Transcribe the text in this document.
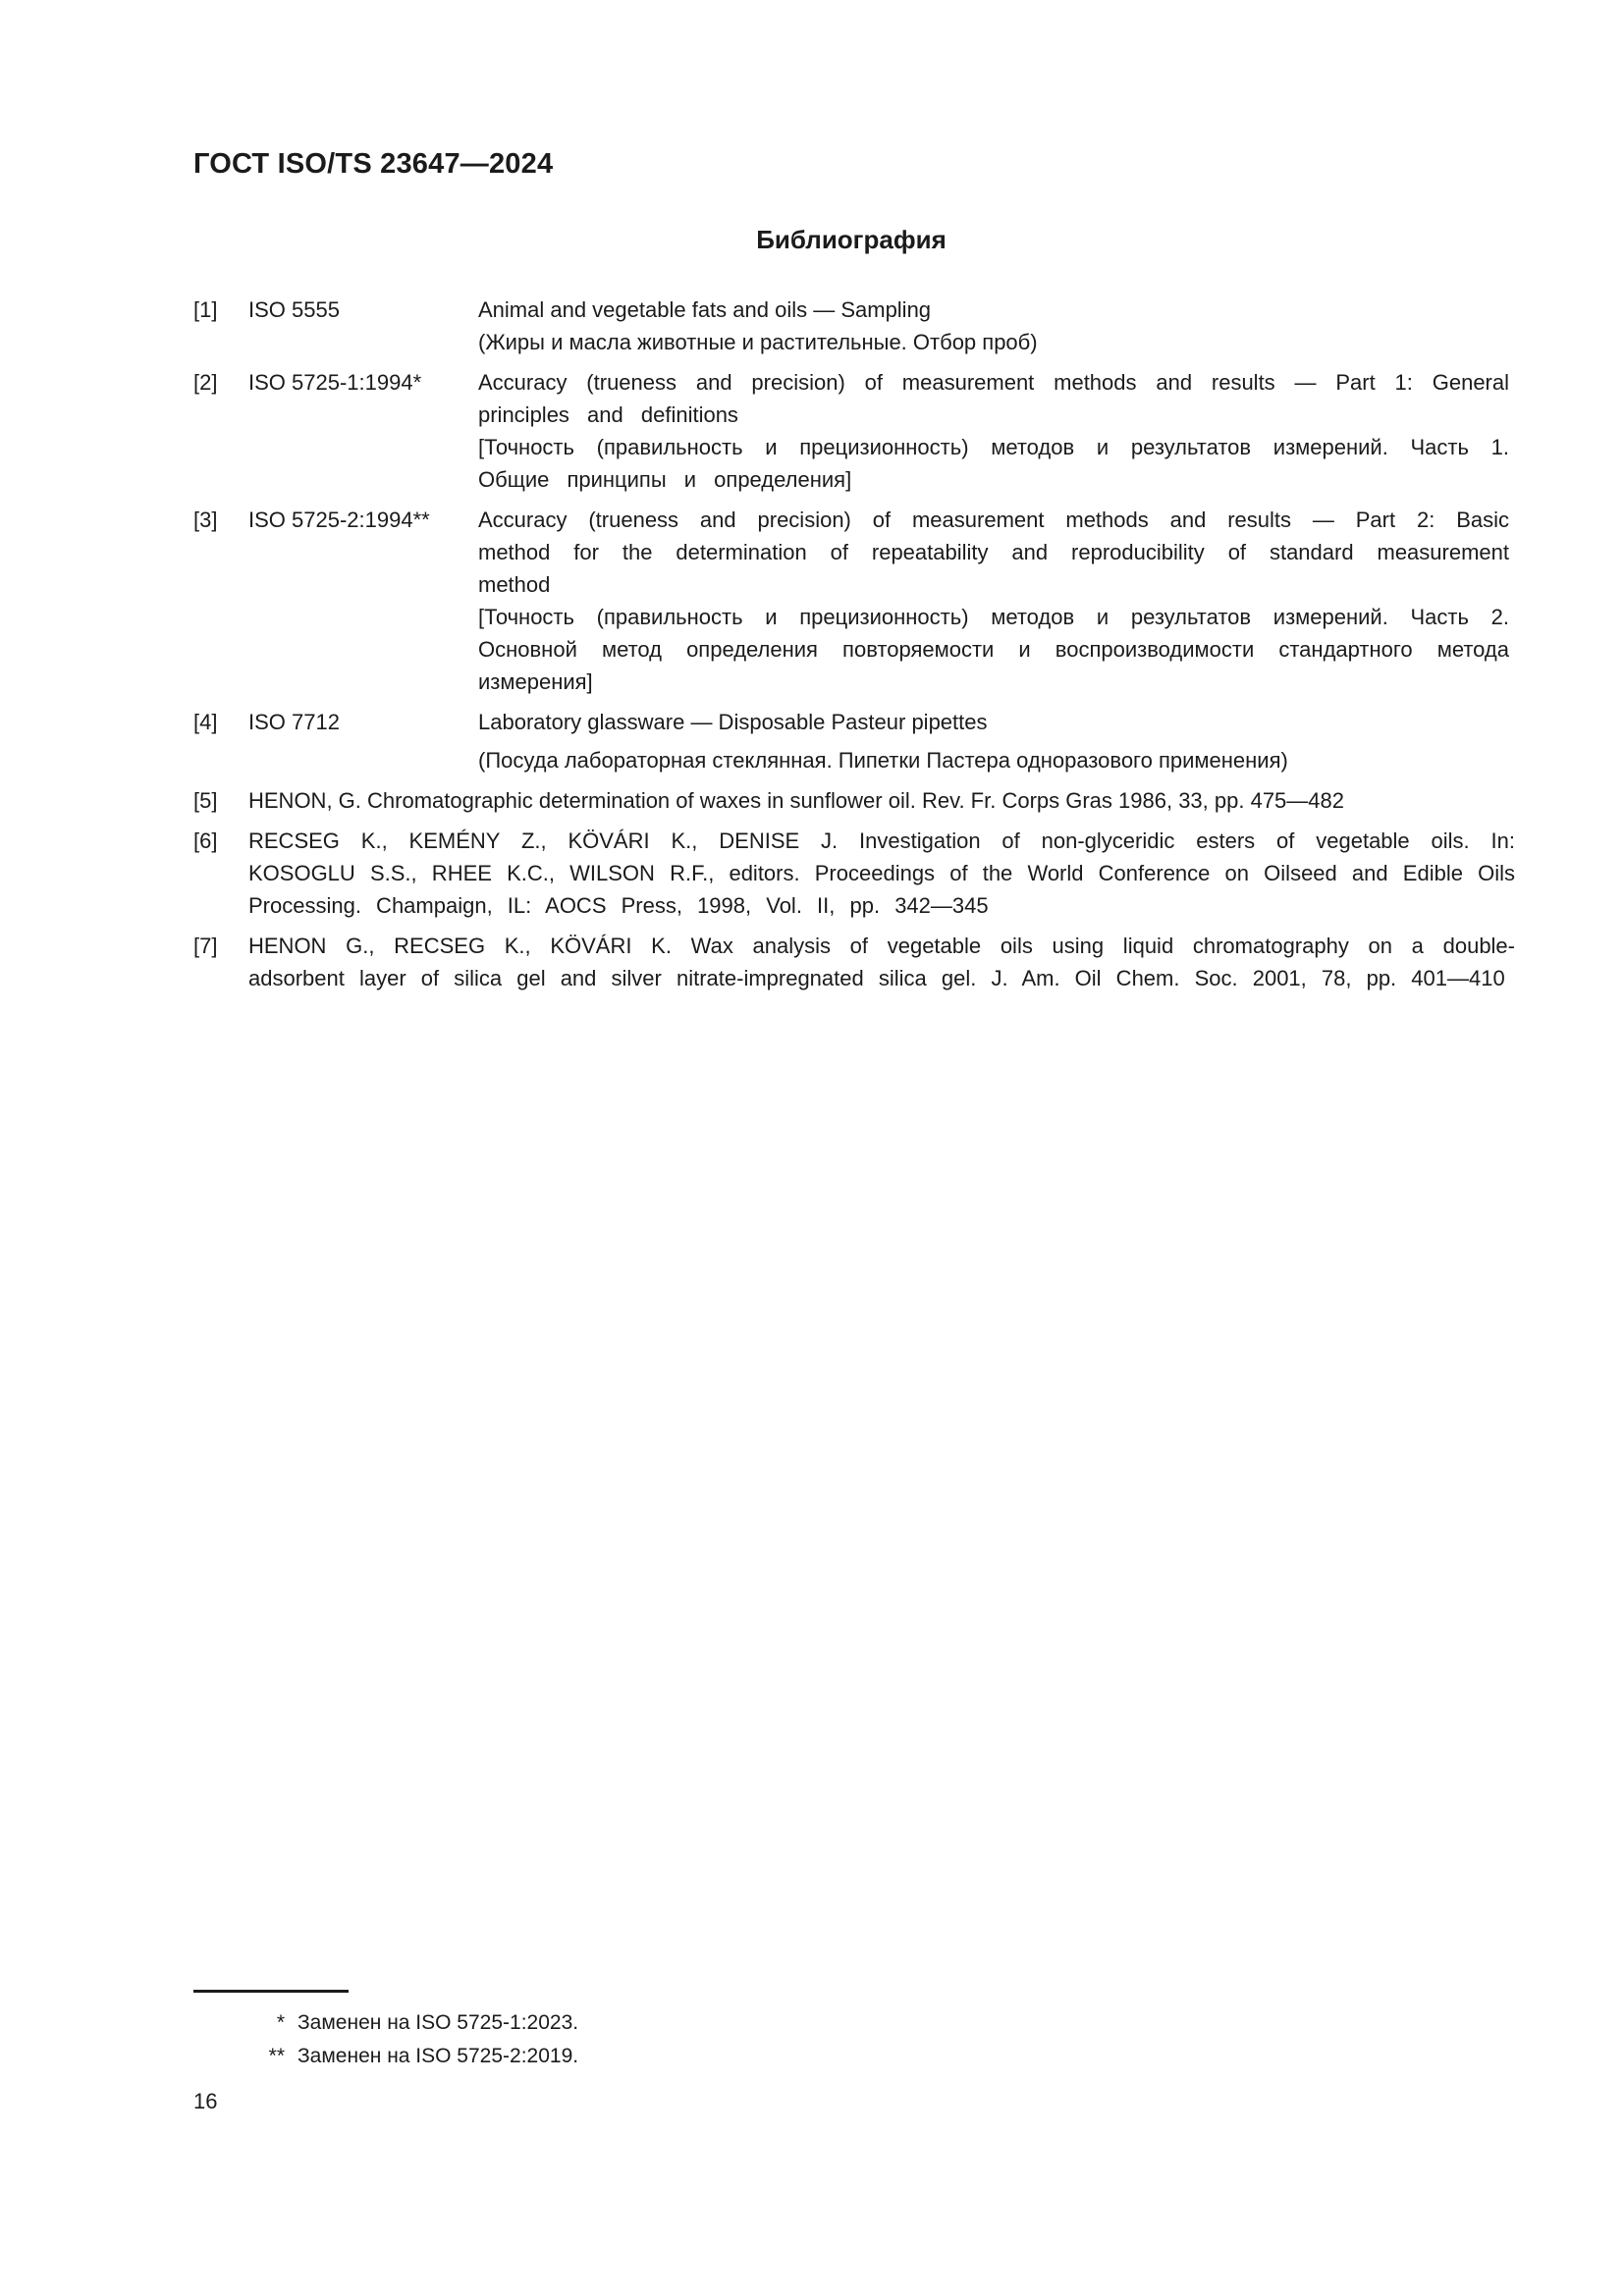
ГОСТ ISO/TS 23647—2024
Библиография
[1]	ISO 5555	Animal and vegetable fats and oils — Sampling

(Жиры и масла животные и растительные. Отбор проб)

[2]	ISO 5725-1:1994*	Accuracy (trueness and precision) of measurement methods and results — Part 1: General principles and definitions

[Точность (правильность и прецизионность) методов и результатов измерений. Часть 1. Общие принципы и определения]

[3]	ISO 5725-2:1994**	Accuracy (trueness and precision) of measurement methods and results — Part 2: Basic method for the determination of repeatability and reproducibility of standard measurement method

[Точность (правильность и прецизионность) методов и результатов измерений. Часть 2. Основной метод определения повторяемости и воспроизводимости стандартного метода измерения]

[4]	ISO 7712	Laboratory glassware — Disposable Pasteur pipettes

(Посуда лабораторная стеклянная. Пипетки Пастера одноразового применения)

[5]	HENON, G. Chromatographic determination of waxes in sunflower oil. Rev. Fr. Corps Gras 1986, 33, pp. 475—482

[6]	RECSEG K., KEMÉNY Z., KÖVÁRI K., DENISE J. Investigation of non-glyceridic esters of vegetable oils. In: KOSOGLU S.S., RHEE K.C., WILSON R.F., editors. Proceedings of the World Conference on Oilseed and Edible Oils Processing. Champaign, IL: AOCS Press, 1998, Vol. II, pp. 342—345

[7]	HENON G., RECSEG K., KÖVÁRI K. Wax analysis of vegetable oils using liquid chromatography on a double-adsorbent layer of silica gel and silver nitrate-impregnated silica gel. J. Am. Oil Chem. Soc. 2001, 78, pp. 401—410

* Заменен на ISO 5725-1:2023.
** Заменен на ISO 5725-2:2019.
16
